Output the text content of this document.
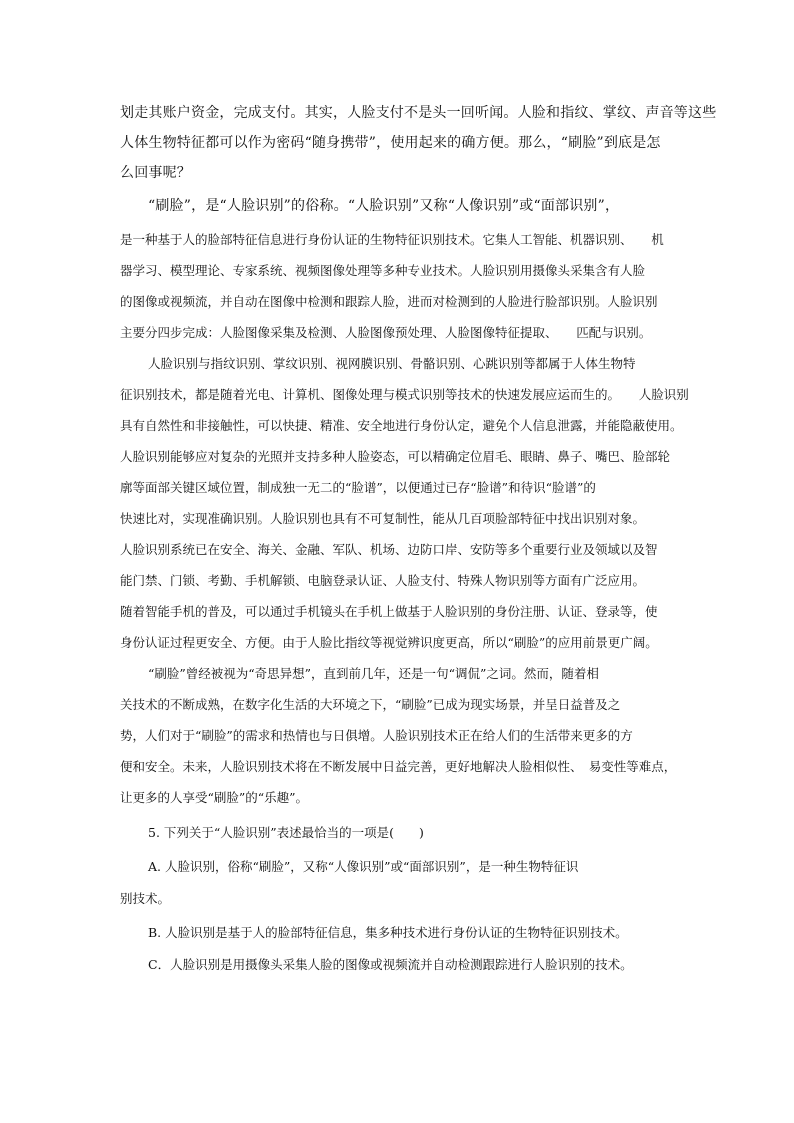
划走其账户资金，完成支付。其实，人脸支付不是头一回听闻。人脸和指纹、掌纹、声音等这些
人体生物特征都可以作为密码“随身携带”，使用起来的确方便。那么，“刷脸”到底是怎
么回事呢？
“刷脸”，是“人脸识别”的俗称。“人脸识别”又称“人像识别”或“面部识别”，
是一种基于人的脸部特征信息进行身份认证的生物特征识别技术。它集人工智能、机器识别、　　机
器学习、模型理论、专家系统、视频图像处理等多种专业技术。人脸识别用摄像头采集含有人脸
的图像或视频流，并自动在图像中检测和跟踪人脸，进而对检测到的人脸进行脸部识别。人脸识别
主要分四步完成：人脸图像采集及检测、人脸图像预处理、人脸图像特征提取、　　匹配与识别。
人脸识别与指纹识别、掌纹识别、视网膜识别、骨骼识别、心跳识别等都属于人体生物特
征识别技术，都是随着光电、计算机、图像处理与模式识别等技术的快速发展应运而生的。　　人脸识别
具有自然性和非接触性，可以快捷、精准、安全地进行身份认定，避免个人信息泄露，并能隐蔽使用。
人脸识别能够应对复杂的光照并支持多种人脸姿态，可以精确定位眉毛、眼睛、鼻子、嘴巴、脸部轮
廓等面部关键区域位置，制成独一无二的“脸谱”，以便通过已存“脸谱”和待识“脸谱”的
快速比对，实现准确识别。人脸识别也具有不可复制性，能从几百项脸部特征中找出识别对象。
人脸识别系统已在安全、海关、金融、军队、机场、边防口岸、安防等多个重要行业及领域以及智
能门禁、门锁、考勤、手机解锁、电脑登录认证、人脸支付、特殊人物识别等方面有广泛应用。
随着智能手机的普及，可以通过手机镜头在手机上做基于人脸识别的身份注册、认证、登录等，使
身份认证过程更安全、方便。由于人脸比指纹等视觉辨识度更高，所以“刷脸”的应用前景更广阔。
“刷脸”曾经被视为“奇思异想”，直到前几年，还是一句“调侃”之词。然而，随着相
关技术的不断成熟，在数字化生活的大环境之下，“刷脸”已成为现实场景，并呈日益普及之
势，人们对于“刷脸”的需求和热情也与日俱增。人脸识别技术正在给人们的生活带来更多的方
便和安全。未来，人脸识别技术将在不断发展中日益完善，更好地解决人脸相似性、　易变性等难点，
让更多的人享受“刷脸”的“乐趣”。
5. 下列关于“人脸识别”表述最恰当的一项是(　　)
A. 人脸识别，俗称“刷脸”，又称“人像识别”或“面部识别”，是一种生物特征识
别技术。
B. 人脸识别是基于人的脸部特征信息，集多种技术进行身份认证的生物特征识别技术。
C．人脸识别是用摄像头采集人脸的图像或视频流并自动检测跟踪进行人脸识别的技术。
